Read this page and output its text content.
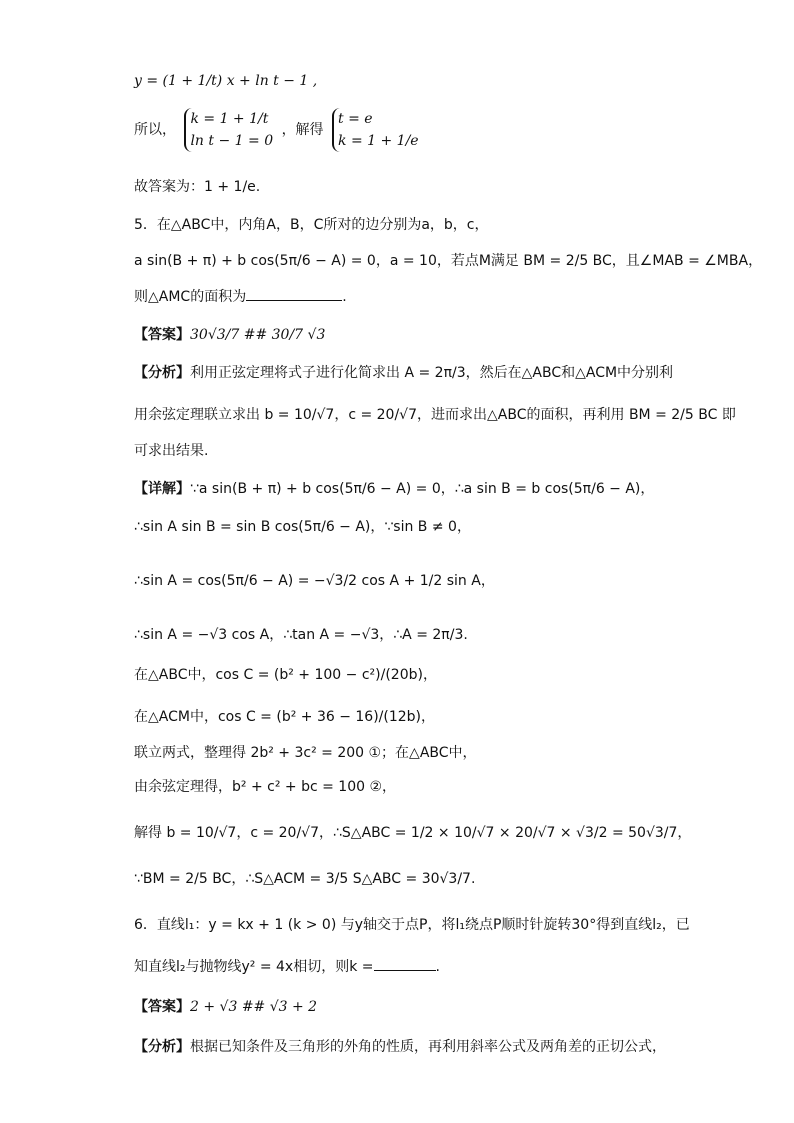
y = (1 + 1/t) x + ln t − 1 ,
所以，
k = 1 + 1/t
ln t − 1 = 0
，解得
t = e
k = 1 + 1/e
故答案为：1 + 1/e.
5．在△ABC中，内角A，B，C所对的边分别为a，b，c，
a sin(B + π) + b cos(5π/6 − A) = 0，a = 10，若点M满足 BM = 2/5 BC，且∠MAB = ∠MBA，
则△AMC的面积为	.
【答案】30√3/7 ## 30/7 √3
【分析】利用正弦定理将式子进行化简求出 A = 2π/3，然后在△ABC和△ACM中分别利
用余弦定理联立求出 b = 10/√7，c = 20/√7，进而求出△ABC的面积，再利用 BM = 2/5 BC 即
可求出结果.
【详解】∵a sin(B + π) + b cos(5π/6 − A) = 0，∴a sin B = b cos(5π/6 − A)，
∴sin A sin B = sin B cos(5π/6 − A)，∵sin B ≠ 0，
∴sin A = cos(5π/6 − A) = −√3/2 cos A + 1/2 sin A，
∴sin A = −√3 cos A，∴tan A = −√3，∴A = 2π/3.
在△ABC中，cos C = (b² + 100 − c²)/(20b)，
在△ACM中，cos C = (b² + 36 − 16)/(12b)，
联立两式，整理得 2b² + 3c² = 200 ①；在△ABC中，
由余弦定理得，b² + c² + bc = 100 ②，
解得 b = 10/√7，c = 20/√7，∴S△ABC = 1/2 × 10/√7 × 20/√7 × √3/2 = 50√3/7，
∵BM = 2/5 BC，∴S△ACM = 3/5 S△ABC = 30√3/7.
6．直线l₁：y = kx + 1 (k > 0) 与y轴交于点P，将l₁绕点P顺时针旋转30°得到直线l₂，已
知直线l₂与抛物线y² = 4x相切，则k =	.
【答案】2 + √3 ## √3 + 2
【分析】根据已知条件及三角形的外角的性质，再利用斜率公式及两角差的正切公式，
